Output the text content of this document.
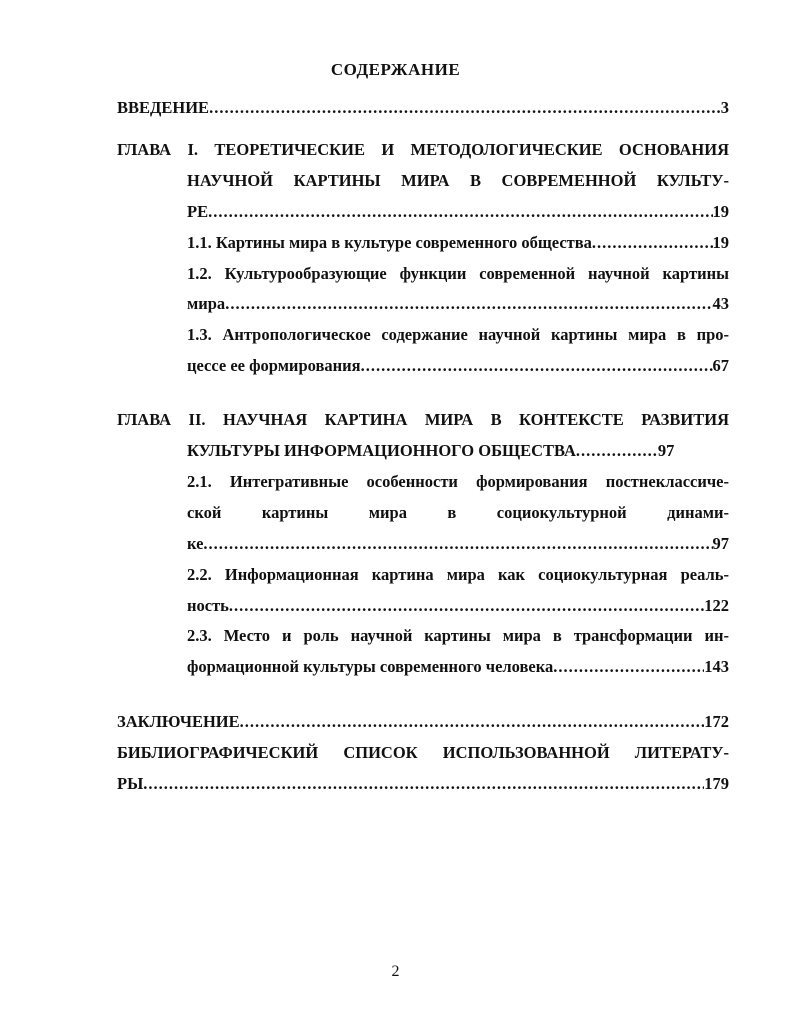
СОДЕРЖАНИЕ
ВВЕДЕНИЕ .....	3
ГЛАВА I. ТЕОРЕТИЧЕСКИЕ И МЕТОДОЛОГИЧЕСКИЕ ОСНОВАНИЯ
НАУЧНОЙ КАРТИНЫ МИРА В СОВРЕМЕННОЙ КУЛЬТУ-
РЕ .....	19
1.1. Картины мира в культуре современного общества .....	19
1.2. Культурообразующие функции современной научной картины
мира .....	43
1.3. Антропологическое содержание научной картины мира в про-
цессе ее формирования .....	67
ГЛАВА II. НАУЧНАЯ КАРТИНА МИРА В КОНТЕКСТЕ РАЗВИТИЯ
КУЛЬТУРЫ ИНФОРМАЦИОННОГО ОБЩЕСТВА................97
2.1. Интегративные особенности формирования постнеклассиче-
ской картины мира в социокультурной динами-
ке .....	97
2.2. Информационная картина мира как социокультурная реаль-
ность .....	122
2.3. Место и роль научной картины мира в трансформации ин-
формационной культуры современного человека .....	143
ЗАКЛЮЧЕНИЕ .....	172
БИБЛИОГРАФИЧЕСКИЙ СПИСОК ИСПОЛЬЗОВАННОЙ ЛИТЕРАТУ-
РЫ .....	179
2
